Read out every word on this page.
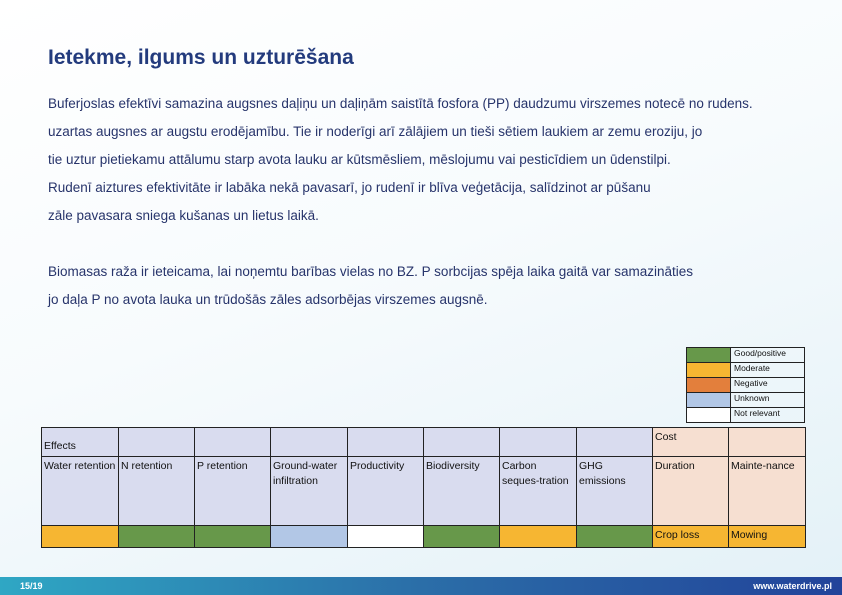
Ietekme, ilgums un uzturēšana
Buferjoslas efektīvi samazina augsnes daļiņu un daļiņām saistītā fosfora (PP) daudzumu virszemes notecē no rudens.
uzartas augsnes ar augstu erodējamību. Tie ir noderīgi arī zālājiem un tieši sētiem laukiem ar zemu eroziju, jo
tie uztur pietiekamu attālumu starp avota lauku ar kūtsmēsliem, mēslojumu vai pesticīdiem un ūdenstilpi.
Rudenī aiztures efektivitāte ir labāka nekā pavasarī, jo rudenī ir blīva veģetācija, salīdzinot ar pūšanu
zāle pavasara sniega kušanas un lietus laikā.
Biomasas raža ir ieteicama, lai noņemtu barības vielas no BZ. P sorbcijas spēja laika gaitā var samazināties
jo daļa P no avota lauka un trūdošās zāles adsorbējas virszemes augsnē.
	Good/positive
	Moderate
	Negative
	Unknown
	Not relevant
Effects								Cost	
Water retention	N retention	P retention	Ground-water infiltration	Productivity	Biodiversity	Carbon seques-tration	GHG emissions	Duration	Mainte-nance
								Crop loss	Mowing
15/19	www.waterdrive.pl
